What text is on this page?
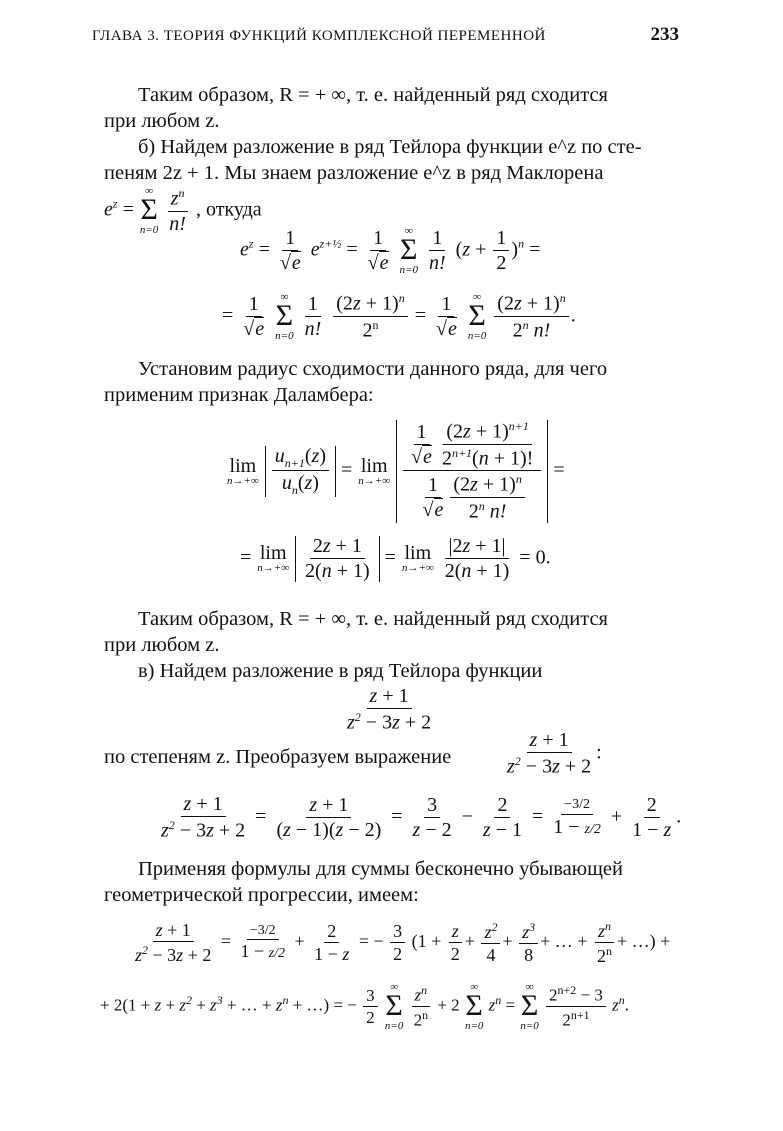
ГЛАВА 3. ТЕОРИЯ ФУНКЦИЙ КОМПЛЕКСНОЙ ПЕРЕМЕННОЙ	233
Таким образом, R = + ∞, т. е. найденный ряд сходится
при любом z.
б) Найдем разложение в ряд Тейлора функции e^z по сте-
пеням 2z + 1. Мы знаем разложение e^z в ряд Маклорена
$e^z$ =
∞
Σ
n=0
$\frac{z^n}{n!}$ , откуда
$e^z = \frac{1}{√e} e^{z+\frac{1}{2}} = \frac{1}{√e}$
∞
Σ
n=0
$\frac{1}{n!} (z + \frac{1}{2} )^n$ =
= $\frac{1}{√e}$
∞
Σ
n=0
$\frac{1}{n!}$
$\frac{(2z + 1)^n}{2^n} = \frac{1}{√e}$
∞
Σ
n=0
$\frac{(2z + 1)^n}{2^n n!}$ .
Установим радиус сходимости данного ряда, для чего
применим признак Даламбера:
lim
n→+∞
$\frac{u_{n+1}(z)}{u_n(z)} = \lim$
n→+∞
$\frac{\frac{1}{√e} \frac{(2z + 1)^{n+1}}{2^{n+1}(n + 1)!}}{\frac{1}{√e} \frac{(2z + 1)^n}{2^n n!}}$ =
= lim
n→+∞
$\frac{2z + 1}{2(n + 1)} = \lim$
n→+∞
$\frac{|2z + 1|}{2(n + 1)} = 0$.
Таким образом, R = + ∞, т. е. найденный ряд сходится
при любом z.
в) Найдем разложение в ряд Тейлора функции
$\frac{z + 1}{z^2 - 3z + 2}$
по степеням z. Преобразуем выражение	$\frac{z + 1}{z^2 - 3z + 2}$ :
$\frac{z + 1}{z^2 - 3z + 2} = \frac{z + 1}{(z - 1)(z - 2)} = \frac{3}{z - 2} - \frac{2}{z - 1} = \frac{-3/2}{1 - z/2} + \frac{2}{1 - z}$ .
Применяя формулы для суммы бесконечно убывающей
геометрической прогрессии, имеем:
$\frac{z + 1}{z^2 - 3z + 2} = \frac{-3/2}{1 - z/2} + \frac{2}{1 - z}$ = − $\frac{3}{2} (1 + \frac{z}{2} + \frac{z^2}{4} + \frac{z^3}{8}$ + … + $\frac{z^n}{2^n}$ + …) +
+ $2(1 + z + z^2 + z^3$ + … + $z^n$ + …) = − $\frac{3}{2}$
∞
Σ
n=0
$\frac{z^n}{2^n} + 2$
∞
Σ
n=0
$z^n$ =
∞
Σ
n=0
$\frac{2^{n+2} - 3}{2^{n+1}} z^n$.
